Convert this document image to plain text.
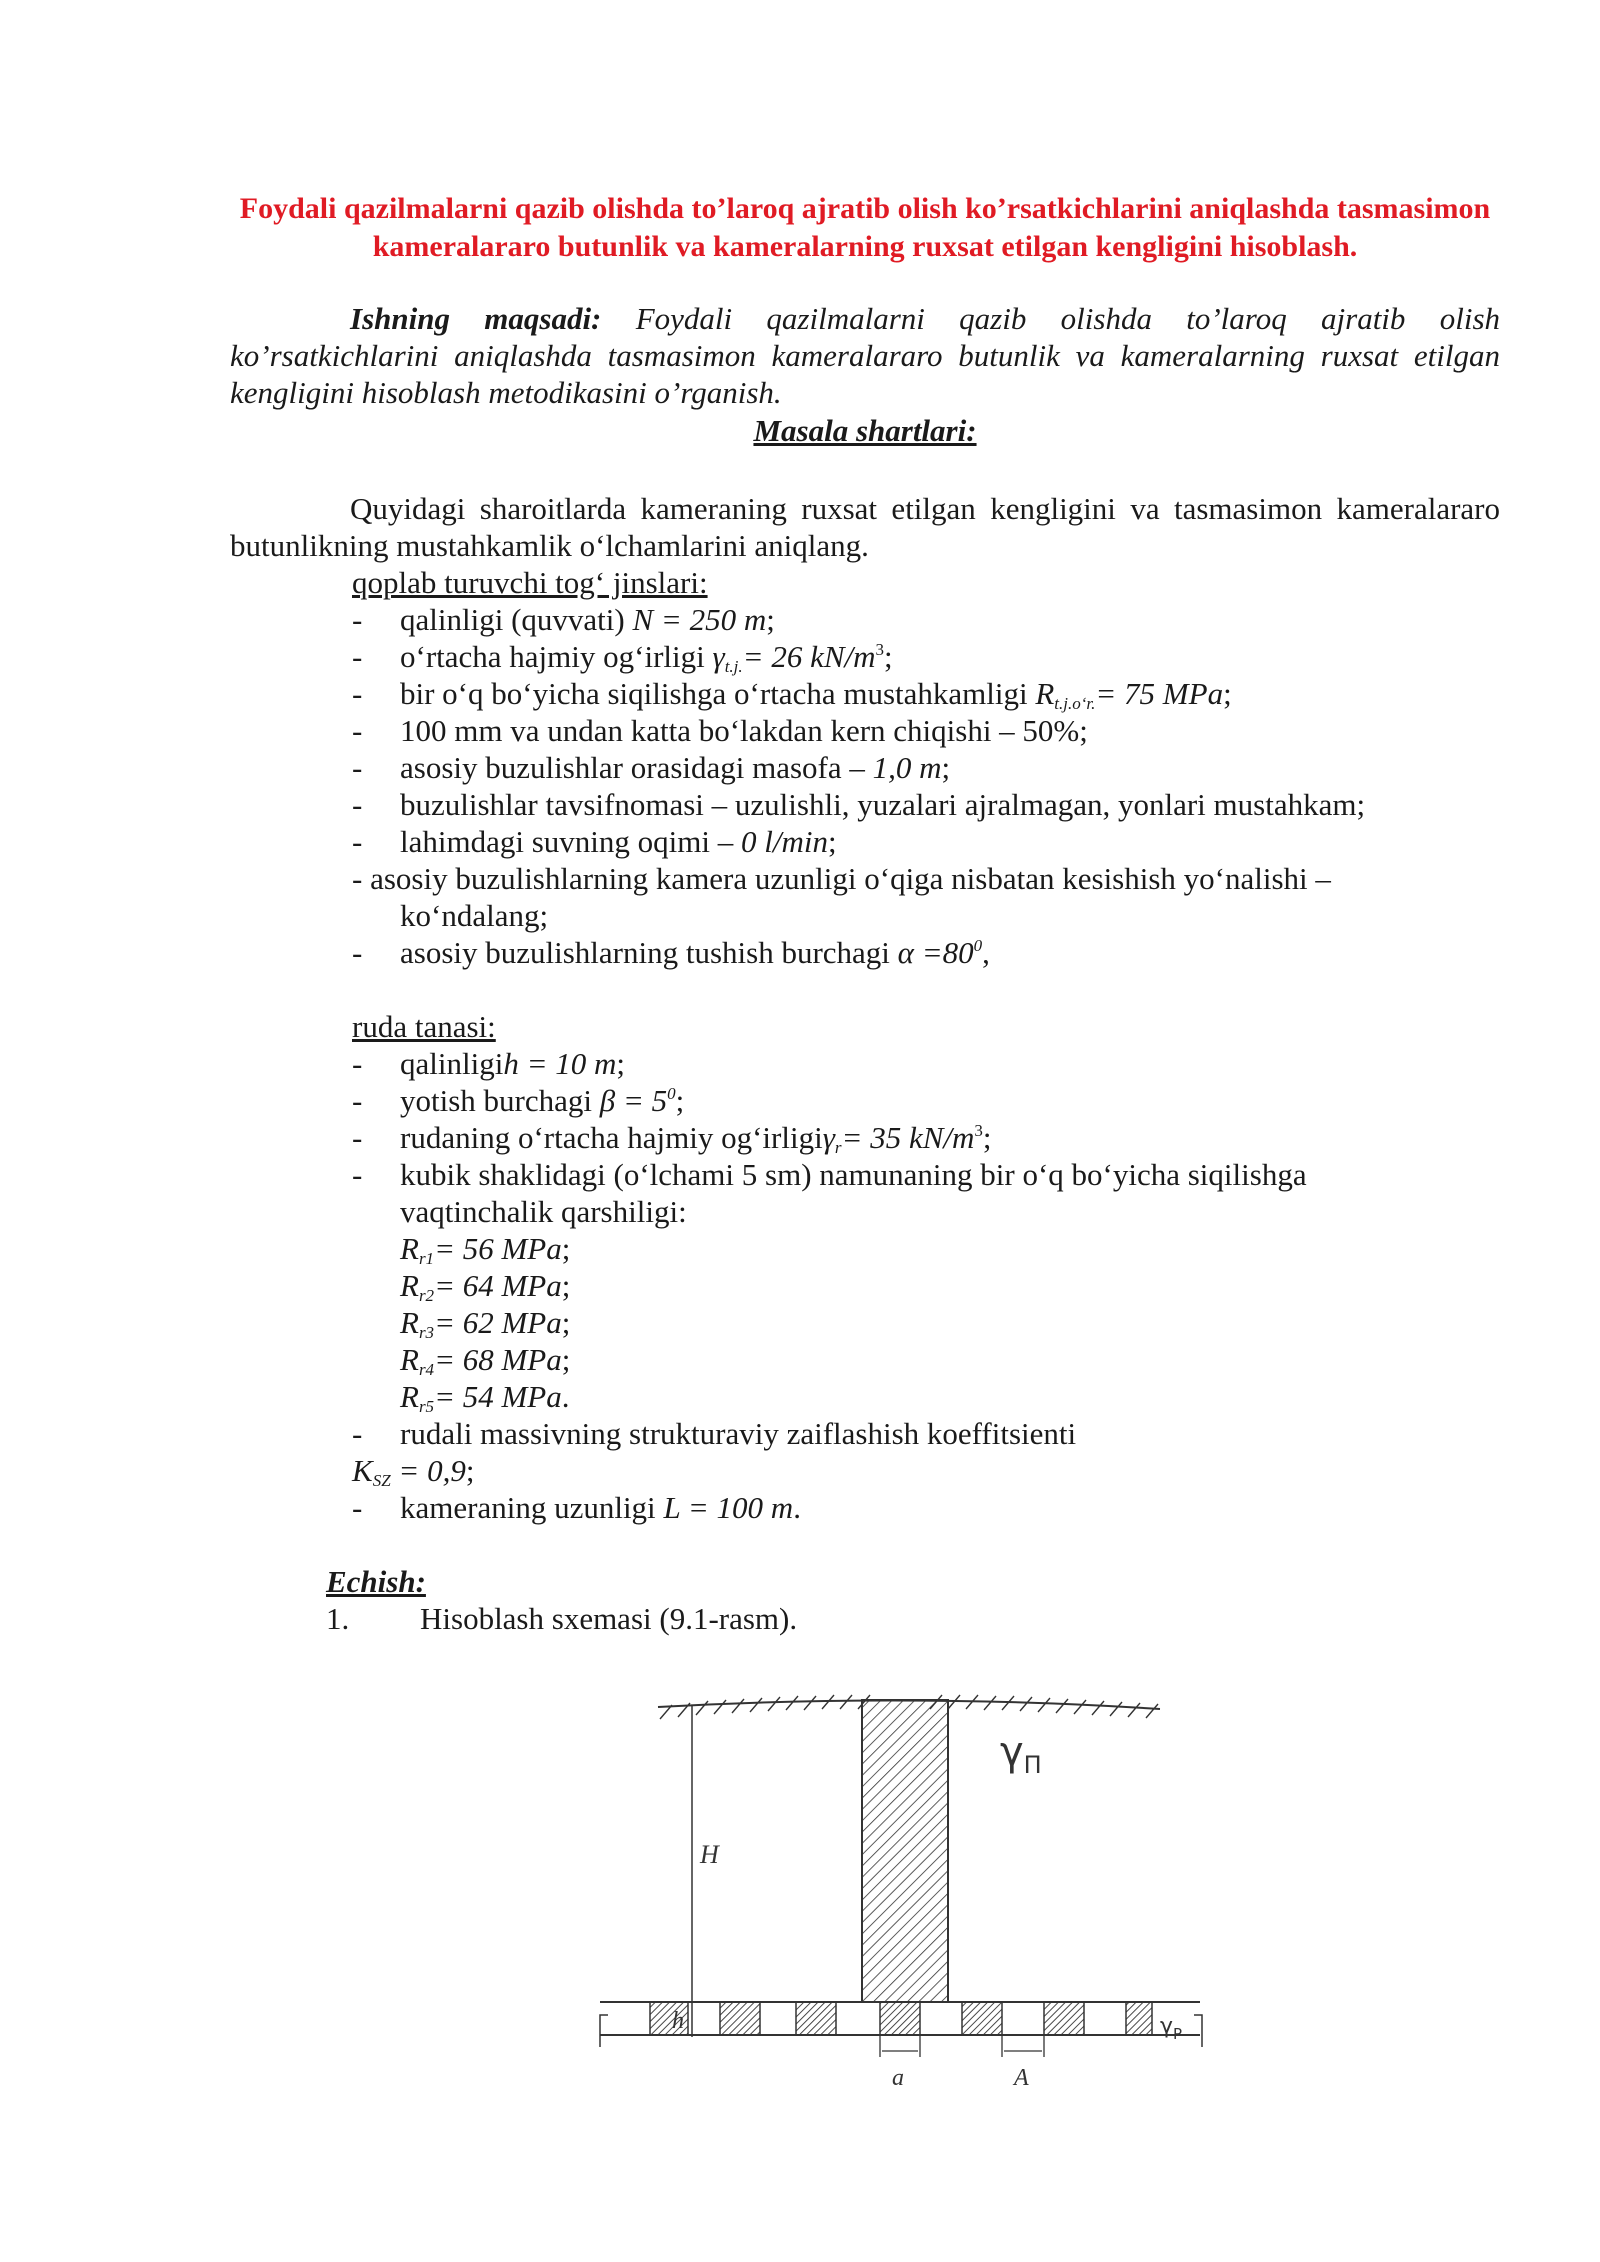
Foydali qazilmalarni qazib olishda to’laroq ajratib olish ko’rsatkichlarini aniqlashda tasmasimon kameralararo butunlik va kameralarning ruxsat etilgan kengligini hisoblash.
Ishning maqsadi: Foydali qazilmalarni qazib olishda to’laroq ajratib olish ko’rsatkichlarini aniqlashda tasmasimon kameralararo butunlik va kameralarning ruxsat etilgan kengligini hisoblash metodikasini o’rganish.
Masala shartlari:
Quyidagi sharoitlarda kameraning ruxsat etilgan kengligini va tasmasimon kameralararo butunlikning mustahkamlik o‘lchamlarini aniqlang.
qoplab turuvchi tog‘ jinslari:
- qalinligi (quvvati) N = 250 m;
- o‘rtacha hajmiy og‘irligi $\gamma_{t.j.}= 26$ $kN/m^3$;
- bir o‘q bo‘yicha siqilishga o‘rtacha mustahkamligi $R_{t.j.o‘r.}= 75$ MPa;
- 100 mm va undan katta bo‘lakdan kern chiqishi – 50%;
- asosiy buzulishlar orasidagi masofa – 1,0 m;
- buzulishlar tavsifnomasi – uzulishli, yuzalari ajralmagan, yonlari mustahkam;
- lahimdagi suvning oqimi – 0 l/min;
- asosiy buzulishlarning kamera uzunligi o‘qiga nisbatan kesishish yo‘nalishi –
ko‘ndalang;
- asosiy buzulishlarning tushish burchagi $\alpha =80^0$,
ruda tanasi:
- qalinligih = 10 m;
- yotish burchagi $\beta = 5^0$;
- rudaning o‘rtacha hajmiy og‘irligiγ$_r$= 35 $kN/m^3$;
- kubik shaklidagi (o‘lchami 5 sm) namunaning bir o‘q bo‘yicha siqilishga
vaqtinchalik qarshiligi:
$R_{r1}= 56$ MPa;
$R_{r2}= 64$ MPa;
$R_{r3}= 62$ MPa;
$R_{r4}= 68$ MPa;
$R_{r5}= 54$ MPa.
- rudali massivning strukturaviy zaiflashish koeffitsienti
$K_{SZ} = 0,9$;
- kameraning uzunligi L = 100 m.
Echish:
1. Hisoblash sxemasi (9.1-rasm).
H
$\gamma_П$
h	$\gamma_P$
a	A
